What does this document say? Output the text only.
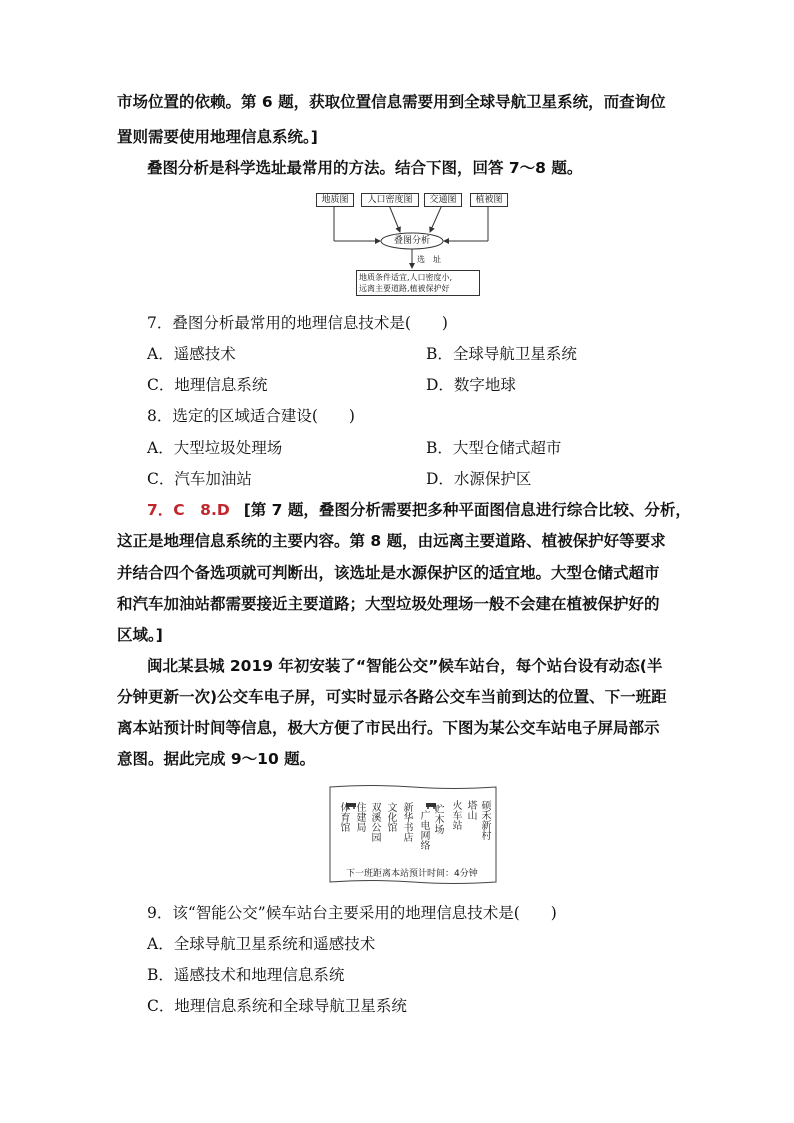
市场位置的依赖。第 6 题，获取位置信息需要用到全球导航卫星系统，而查询位
置则需要使用地理信息系统。]
叠图分析是科学选址最常用的方法。结合下图，回答 7～8 题。
地质图	人口密度图	交通图	植被图
叠图分析
选　址
地质条件适宜,人口密度小,
远离主要道路,植被保护好
7．叠图分析最常用的地理信息技术是(　　)
A．遥感技术	B．全球导航卫星系统
C．地理信息系统	D．数字地球
8．选定的区域适合建设(　　)
A．大型垃圾处理场	B．大型仓储式超市
C．汽车加油站	D．水源保护区
7．C　8.D [第 7 题，叠图分析需要把多种平面图信息进行综合比较、分析，
这正是地理信息系统的主要内容。第 8 题，由远离主要道路、植被保护好等要求
并结合四个备选项就可判断出，该选址是水源保护区的适宜地。大型仓储式超市
和汽车加油站都需要接近主要道路；大型垃圾处理场一般不会建在植被保护好的
区域。]
闽北某县城 2019 年初安装了“智能公交”候车站台，每个站台设有动态(半
分钟更新一次)公交车电子屏，可实时显示各路公交车当前到达的位置、下一班距
离本站预计时间等信息，极大方便了市民出行。下图为某公交车站电子屏局部示
意图。据此完成 9～10 题。
硕禾新村
塔山
火车站
贮木场
广电网络
新华书店
文化馆
双溪公园
住建局
体育馆
下一班距离本站预计时间：4分钟
9．该“智能公交”候车站台主要采用的地理信息技术是(　　)
A．全球导航卫星系统和遥感技术
B．遥感技术和地理信息系统
C．地理信息系统和全球导航卫星系统
